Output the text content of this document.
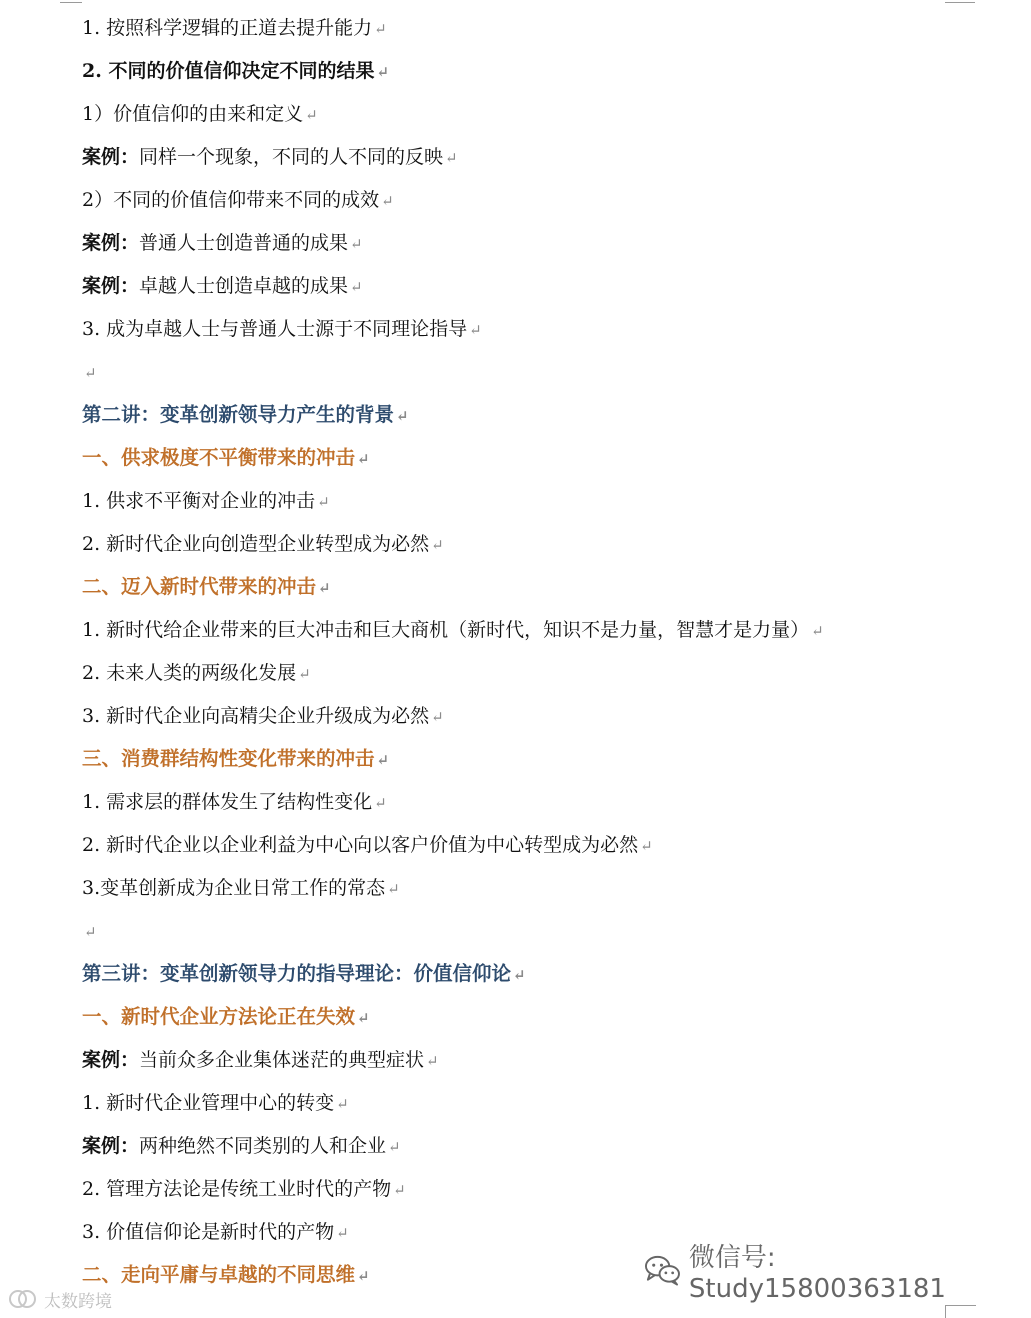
1. 按照科学逻辑的正道去提升能力 ↵
2. 不同的价值信仰决定不同的结果 ↵
1）价值信仰的由来和定义 ↵
案例：同样一个现象，不同的人不同的反映 ↵
2）不同的价值信仰带来不同的成效 ↵
案例：普通人士创造普通的成果 ↵
案例：卓越人士创造卓越的成果 ↵
3. 成为卓越人士与普通人士源于不同理论指导 ↵
↵
第二讲：变革创新领导力产生的背景 ↵
一、供求极度不平衡带来的冲击 ↵
1. 供求不平衡对企业的冲击 ↵
2. 新时代企业向创造型企业转型成为必然 ↵
二、迈入新时代带来的冲击 ↵
1. 新时代给企业带来的巨大冲击和巨大商机（新时代，知识不是力量，智慧才是力量） ↵
2. 未来人类的两级化发展 ↵
3. 新时代企业向高精尖企业升级成为必然 ↵
三、消费群结构性变化带来的冲击 ↵
1. 需求层的群体发生了结构性变化 ↵
2. 新时代企业以企业利益为中心向以客户价值为中心转型成为必然 ↵
3.变革创新成为企业日常工作的常态 ↵
↵
第三讲：变革创新领导力的指导理论：价值信仰论 ↵
一、新时代企业方法论正在失效 ↵
案例：当前众多企业集体迷茫的典型症状 ↵
1. 新时代企业管理中心的转变 ↵
案例：两种绝然不同类别的人和企业 ↵
2. 管理方法论是传统工业时代的产物 ↵
3. 价值信仰论是新时代的产物 ↵
二、走向平庸与卓越的不同思维 ↵
微信号: Study15800363181
太数跨境
